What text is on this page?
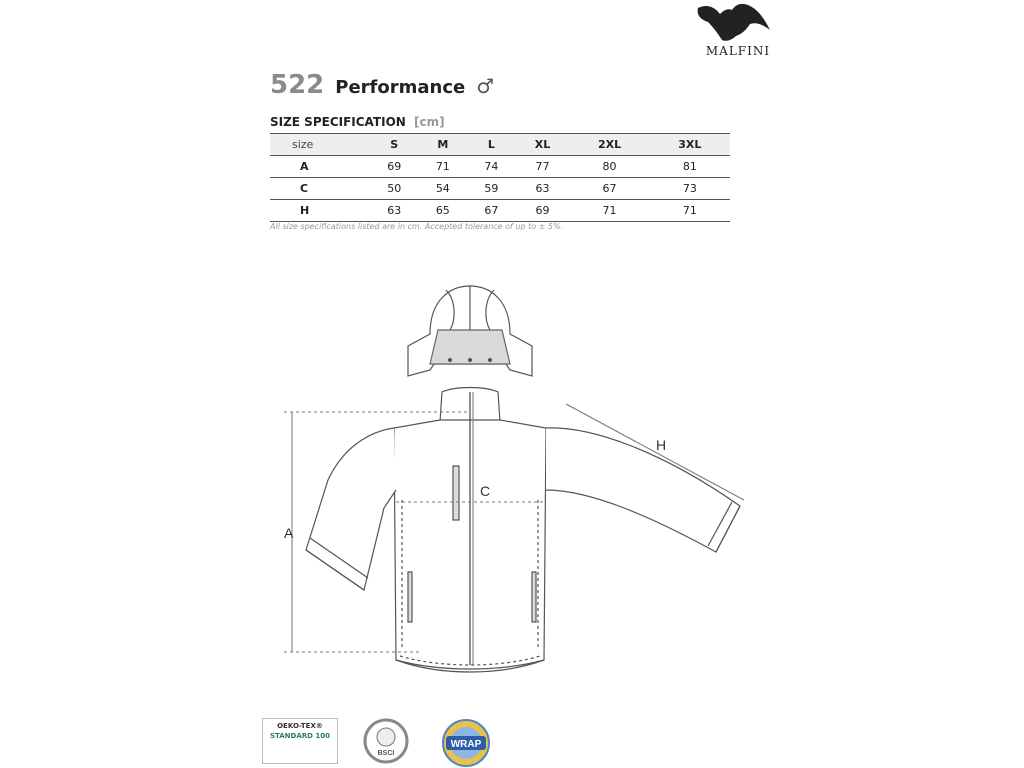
MALFINI
522 Performance ♂
SIZE SPECIFICATION [cm]
size	S	M	L	XL	2XL	3XL
A	69	71	74	77	80	81
C	50	54	59	63	67	73
H	63	65	67	69	71	71
All size specifications listed are in cm. Accepted tolerance of up to ± 5%.
A
C
H
OEKO-TEX®
STANDARD 100
BSCI
WRAP
